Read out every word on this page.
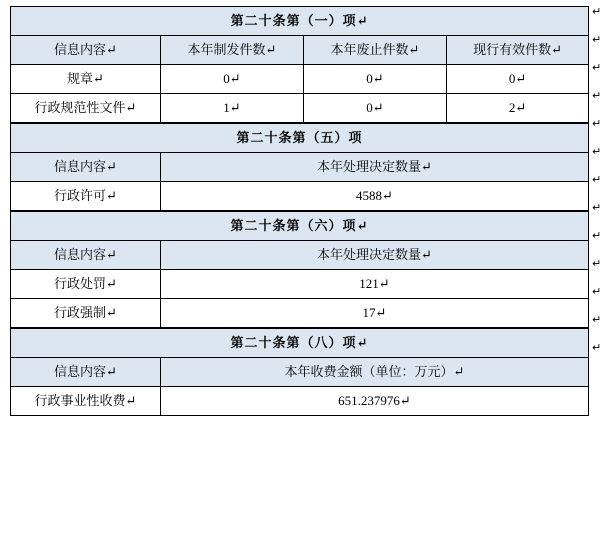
第二十条第（一）项↵			
信息内容↵	本年制发件数↵	本年废止件数↵	现行有效件数↵
规章↵	0↵	0↵	0↵
行政规范性文件↵	1↵	0↵	2↵
第二十条第（五）项	
信息内容↵	本年处理决定数量↵
行政许可↵	4588↵
第二十条第（六）项↵	
信息内容↵	本年处理决定数量↵
行政处罚↵	121↵
行政强制↵	17↵
第二十条第（八）项↵	
信息内容↵	本年收费金额（单位：万元）↵
行政事业性收费↵	651.237976↵
↵
↵
↵
↵
↵
↵
↵
↵
↵
↵
↵
↵
↵
